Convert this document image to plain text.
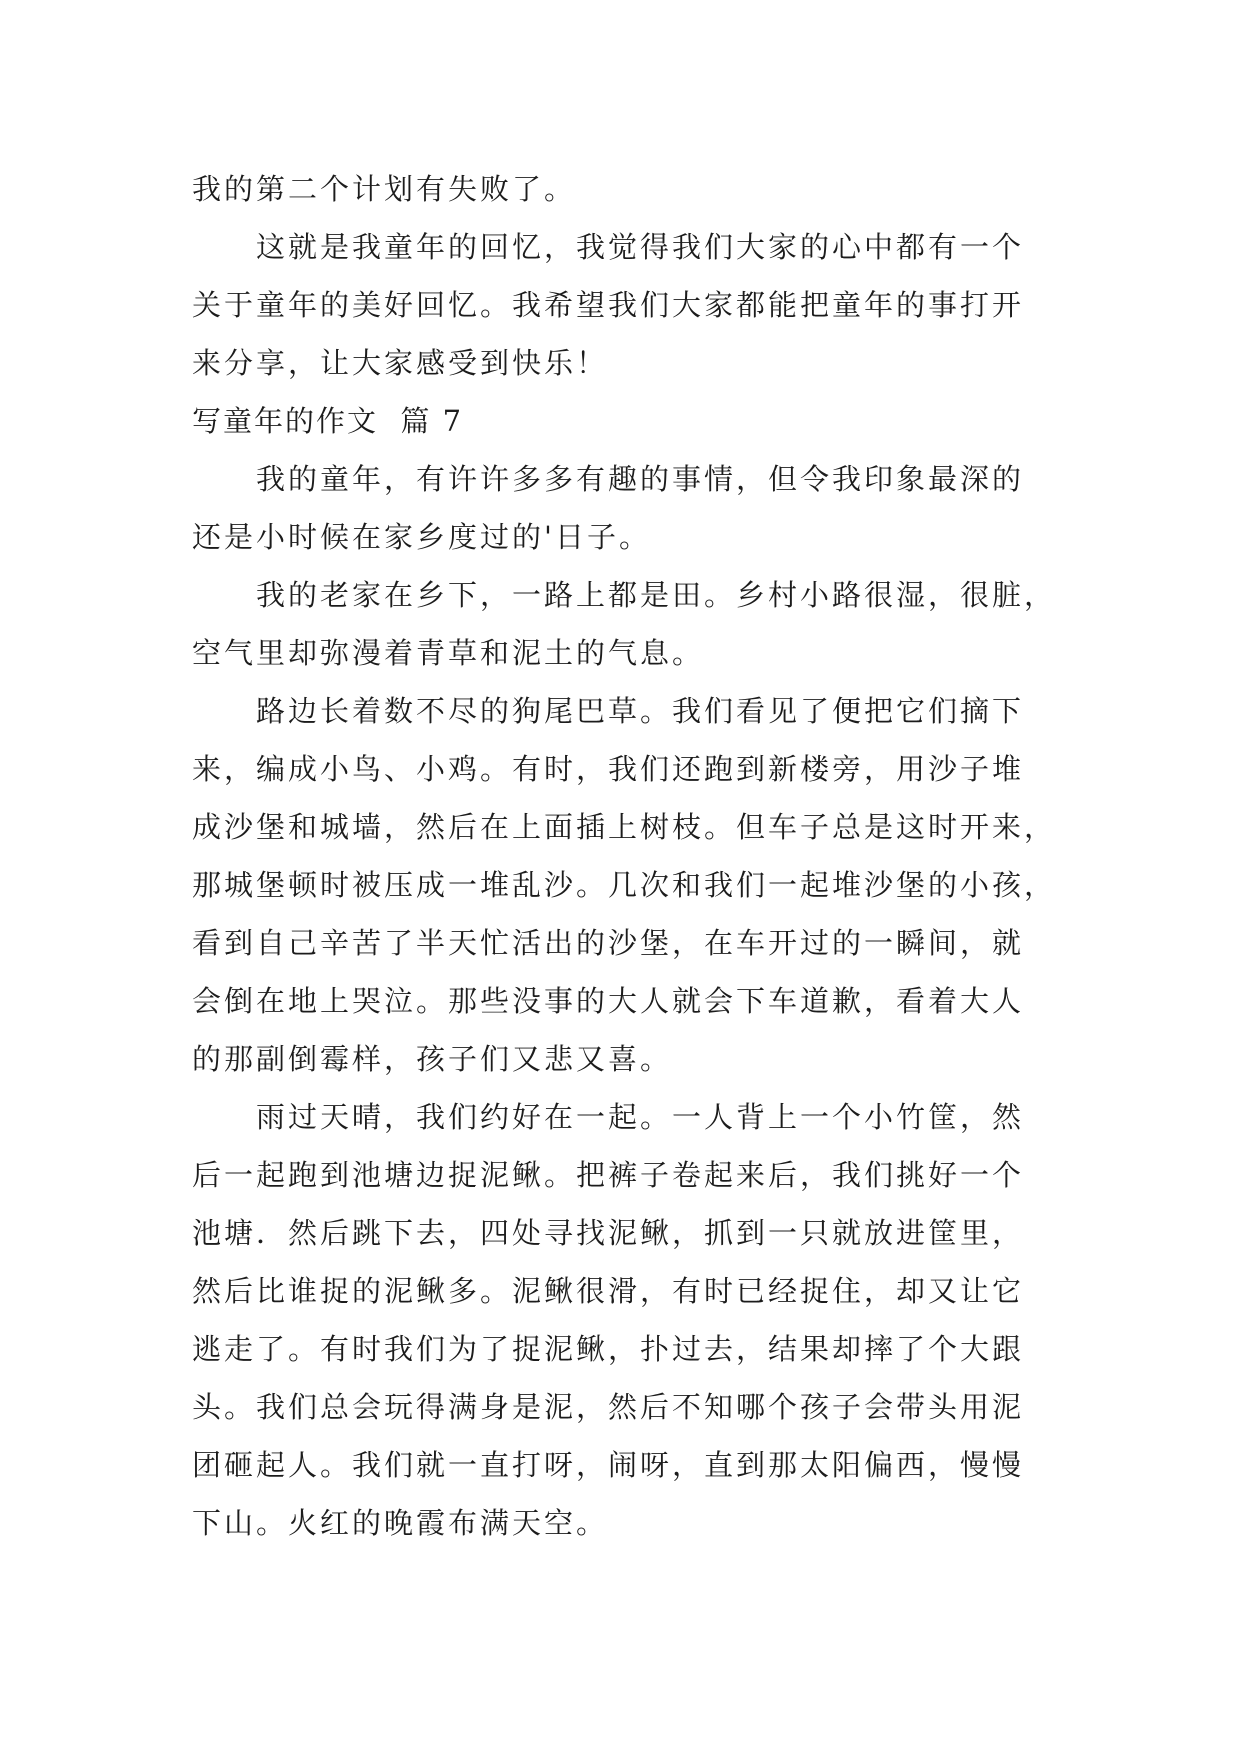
我的第二个计划有失败了。
这就是我童年的回忆，我觉得我们大家的心中都有一个
关于童年的美好回忆。我希望我们大家都能把童年的事打开
来分享，让大家感受到快乐！
写童年的作文  篇 7
我的童年，有许许多多有趣的事情，但令我印象最深的
还是小时候在家乡度过的'日子。
我的老家在乡下，一路上都是田。乡村小路很湿，很脏，
空气里却弥漫着青草和泥土的气息。
路边长着数不尽的狗尾巴草。我们看见了便把它们摘下
来，编成小鸟、小鸡。有时，我们还跑到新楼旁，用沙子堆
成沙堡和城墙，然后在上面插上树枝。但车子总是这时开来，
那城堡顿时被压成一堆乱沙。几次和我们一起堆沙堡的小孩，
看到自己辛苦了半天忙活出的沙堡，在车开过的一瞬间，就
会倒在地上哭泣。那些没事的大人就会下车道歉，看着大人
的那副倒霉样，孩子们又悲又喜。
雨过天晴，我们约好在一起。一人背上一个小竹筐，然
后一起跑到池塘边捉泥鳅。把裤子卷起来后，我们挑好一个
池塘．然后跳下去，四处寻找泥鳅，抓到一只就放进筐里，
然后比谁捉的泥鳅多。泥鳅很滑，有时已经捉住，却又让它
逃走了。有时我们为了捉泥鳅，扑过去，结果却摔了个大跟
头。我们总会玩得满身是泥，然后不知哪个孩子会带头用泥
团砸起人。我们就一直打呀，闹呀，直到那太阳偏西，慢慢
下山。火红的晚霞布满天空。
